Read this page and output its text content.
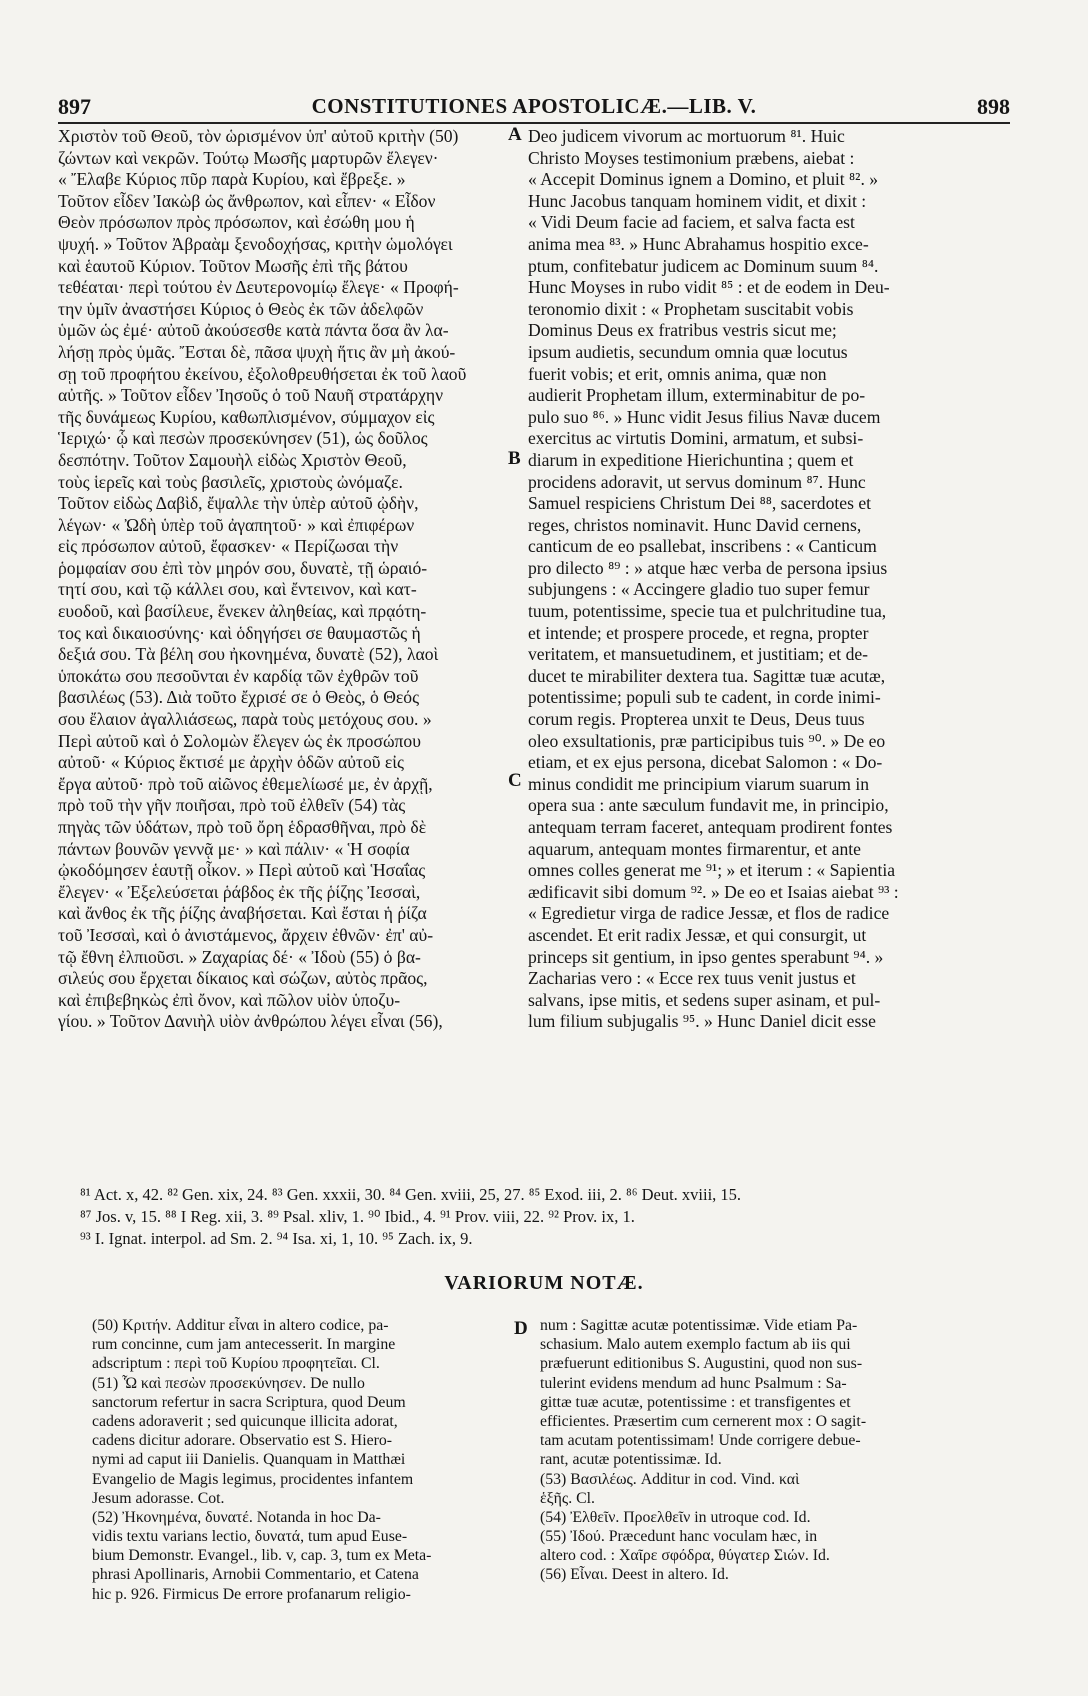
897	CONSTITUTIONES APOSTOLICÆ.—LIB. V.	898
Χριστὸν τοῦ Θεοῦ, τὸν ὡρισμένον ὑπ' αὐτοῦ κριτὴν (50)
ζώντων καὶ νεκρῶν. Τούτῳ Μωσῆς μαρτυρῶν ἔλεγεν·
« Ἔλαβε Κύριος πῦρ παρὰ Κυρίου, καὶ ἔβρεξε. »
Τοῦτον εἶδεν Ἰακὼβ ὡς ἄνθρωπον, καὶ εἶπεν· « Εἶδον
Θεὸν πρόσωπον πρὸς πρόσωπον, καὶ ἐσώθη μου ἡ
ψυχή. » Τοῦτον Ἀβραὰμ ξενοδοχήσας, κριτὴν ὡμολόγει
καὶ ἑαυτοῦ Κύριον. Τοῦτον Μωσῆς ἐπὶ τῆς βάτου
τεθέαται· περὶ τούτου ἐν Δευτερονομίῳ ἔλεγε· « Προφή-
την ὑμῖν ἀναστήσει Κύριος ὁ Θεὸς ἐκ τῶν ἀδελφῶν
ὑμῶν ὡς ἐμέ· αὐτοῦ ἀκούσεσθε κατὰ πάντα ὅσα ἂν λα-
λήσῃ πρὸς ὑμᾶς. Ἔσται δὲ, πᾶσα ψυχὴ ἥτις ἂν μὴ ἀκού-
σῃ τοῦ προφήτου ἐκείνου, ἐξολοθρευθήσεται ἐκ τοῦ λαοῦ
αὐτῆς. » Τοῦτον εἶδεν Ἰησοῦς ὁ τοῦ Ναυῆ στρατάρχην
τῆς δυνάμεως Κυρίου, καθωπλισμένον, σύμμαχον εἰς
Ἱεριχώ· ᾧ καὶ πεσὼν προσεκύνησεν (51), ὡς δοῦλος
δεσπότην. Τοῦτον Σαμουὴλ εἰδὼς Χριστὸν Θεοῦ,
τοὺς ἱερεῖς καὶ τοὺς βασιλεῖς, χριστοὺς ὠνόμαζε.
Τοῦτον εἰδὼς Δαβὶδ, ἔψαλλε τὴν ὑπὲρ αὐτοῦ ᾠδὴν,
λέγων· « Ὠδὴ ὑπὲρ τοῦ ἀγαπητοῦ· » καὶ ἐπιφέρων
εἰς πρόσωπον αὐτοῦ, ἔφασκεν· « Περίζωσαι τὴν
ῥομφαίαν σου ἐπὶ τὸν μηρόν σου, δυνατὲ, τῇ ὡραιό-
τητί σου, καὶ τῷ κάλλει σου, καὶ ἔντεινον, καὶ κατ-
ευοδοῦ, καὶ βασίλευε, ἕνεκεν ἀληθείας, καὶ πρᾳότη-
τος καὶ δικαιοσύνης· καὶ ὁδηγήσει σε θαυμαστῶς ἡ
δεξιά σου. Τὰ βέλη σου ἠκονημένα, δυνατὲ (52), λαοὶ
ὑποκάτω σου πεσοῦνται ἐν καρδίᾳ τῶν ἐχθρῶν τοῦ
βασιλέως (53). Διὰ τοῦτο ἔχρισέ σε ὁ Θεὸς, ὁ Θεός
σου ἔλαιον ἀγαλλιάσεως, παρὰ τοὺς μετόχους σου. »
Περὶ αὐτοῦ καὶ ὁ Σολομὼν ἔλεγεν ὡς ἐκ προσώπου
αὐτοῦ· « Κύριος ἔκτισέ με ἀρχὴν ὁδῶν αὐτοῦ εἰς
ἔργα αὐτοῦ· πρὸ τοῦ αἰῶνος ἐθεμελίωσέ με, ἐν ἀρχῇ,
πρὸ τοῦ τὴν γῆν ποιῆσαι, πρὸ τοῦ ἐλθεῖν (54) τὰς
πηγὰς τῶν ὑδάτων, πρὸ τοῦ ὄρη ἑδρασθῆναι, πρὸ δὲ
πάντων βουνῶν γεννᾷ με· » καὶ πάλιν· « Ἡ σοφία
ᾠκοδόμησεν ἑαυτῇ οἶκον. » Περὶ αὐτοῦ καὶ Ἡσαΐας
ἔλεγεν· « Ἐξελεύσεται ῥάβδος ἐκ τῆς ῥίζης Ἰεσσαὶ,
καὶ ἄνθος ἐκ τῆς ῥίζης ἀναβήσεται. Καὶ ἔσται ἡ ῥίζα
τοῦ Ἰεσσαὶ, καὶ ὁ ἀνιστάμενος, ἄρχειν ἐθνῶν· ἐπ' αὐ-
τῷ ἔθνη ἐλπιοῦσι. » Ζαχαρίας δέ· « Ἰδοὺ (55) ὁ βα-
σιλεύς σου ἔρχεται δίκαιος καὶ σώζων, αὐτὸς πρᾶος,
καὶ ἐπιβεβηκὼς ἐπὶ ὄνον, καὶ πῶλον υἱὸν ὑποζυ-
γίου. » Τοῦτον Δανιὴλ υἱὸν ἀνθρώπου λέγει εἶναι (56),
Deo judicem vivorum ac mortuorum ⁸¹. Huic
Christo Moyses testimonium præbens, aiebat :
« Accepit Dominus ignem a Domino, et pluit ⁸². »
Hunc Jacobus tanquam hominem vidit, et dixit :
« Vidi Deum facie ad faciem, et salva facta est
anima mea ⁸³. » Hunc Abrahamus hospitio exce-
ptum, confitebatur judicem ac Dominum suum ⁸⁴.
Hunc Moyses in rubo vidit ⁸⁵ : et de eodem in Deu-
teronomio dixit : « Prophetam suscitabit vobis
Dominus Deus ex fratribus vestris sicut me;
ipsum audietis, secundum omnia quæ locutus
fuerit vobis; et erit, omnis anima, quæ non
audierit Prophetam illum, exterminabitur de po-
pulo suo ⁸⁶. » Hunc vidit Jesus filius Navæ ducem
exercitus ac virtutis Domini, armatum, et subsi-
diarum in expeditione Hierichuntina ; quem et
procidens adoravit, ut servus dominum ⁸⁷. Hunc
Samuel respiciens Christum Dei ⁸⁸, sacerdotes et
reges, christos nominavit. Hunc David cernens,
canticum de eo psallebat, inscribens : « Canticum
pro dilecto ⁸⁹ : » atque hæc verba de persona ipsius
subjungens : « Accingere gladio tuo super femur
tuum, potentissime, specie tua et pulchritudine tua,
et intende; et prospere procede, et regna, propter
veritatem, et mansuetudinem, et justitiam; et de-
ducet te mirabiliter dextera tua. Sagittæ tuæ acutæ,
potentissime; populi sub te cadent, in corde inimi-
corum regis. Propterea unxit te Deus, Deus tuus
oleo exsultationis, præ participibus tuis ⁹⁰. » De eo
etiam, et ex ejus persona, dicebat Salomon : « Do-
minus condidit me principium viarum suarum in
opera sua : ante sæculum fundavit me, in principio,
antequam terram faceret, antequam prodirent fontes
aquarum, antequam montes firmarentur, et ante
omnes colles generat me ⁹¹; » et iterum : « Sapientia
ædificavit sibi domum ⁹². » De eo et Isaias aiebat ⁹³ :
« Egredietur virga de radice Jessæ, et flos de radice
ascendet. Et erit radix Jessæ, et qui consurgit, ut
princeps sit gentium, in ipso gentes sperabunt ⁹⁴. »
Zacharias vero : « Ecce rex tuus venit justus et
salvans, ipse mitis, et sedens super asinam, et pul-
lum filium subjugalis ⁹⁵. » Hunc Daniel dicit esse
A
B
C
D
⁸¹ Act. x, 42. ⁸² Gen. xix, 24. ⁸³ Gen. xxxii, 30. ⁸⁴ Gen. xviii, 25, 27. ⁸⁵ Exod. iii, 2. ⁸⁶ Deut. xviii, 15.
⁸⁷ Jos. v, 15. ⁸⁸ I Reg. xii, 3. ⁸⁹ Psal. xliv, 1. ⁹⁰ Ibid., 4. ⁹¹ Prov. viii, 22. ⁹² Prov. ix, 1.
⁹³ I. Ignat. interpol. ad Sm. 2. ⁹⁴ Isa. xi, 1, 10. ⁹⁵ Zach. ix, 9.
VARIORUM NOTÆ.
(50) Κριτήν. Additur εἶναι in altero codice, pa-
rum concinne, cum jam antecesserit. In margine
adscriptum : περὶ τοῦ Κυρίου προφητεῖαι. Cl.
(51) Ὧ καὶ πεσὼν προσεκύνησεν. De nullo
sanctorum refertur in sacra Scriptura, quod Deum
cadens adoraverit ; sed quicunque illicita adorat,
cadens dicitur adorare. Observatio est S. Hiero-
nymi ad caput iii Danielis. Quanquam in Matthæi
Evangelio de Magis legimus, procidentes infantem
Jesum adorasse. Cot.
(52) Ἠκονημένα, δυνατέ. Notanda in hoc Da-
vidis textu varians lectio, δυνατά, tum apud Euse-
bium Demonstr. Evangel., lib. v, cap. 3, tum ex Meta-
phrasi Apollinaris, Arnobii Commentario, et Catena
hic p. 926. Firmicus De errore profanarum religio-
num : Sagittæ acutæ potentissimæ. Vide etiam Pa-
schasium. Malo autem exemplo factum ab iis qui
præfuerunt editionibus S. Augustini, quod non sus-
tulerint evidens mendum ad hunc Psalmum : Sa-
gittæ tuæ acutæ, potentissime : et transfigentes et
efficientes. Præsertim cum cernerent mox : O sagit-
tam acutam potentissimam! Unde corrigere debue-
rant, acutæ potentissimæ. Id.
(53) Βασιλέως. Additur in cod. Vind. καὶ
ἑξῆς. Cl.
(54) Ἐλθεῖν. Προελθεῖν in utroque cod. Id.
(55) Ἰδού. Præcedunt hanc voculam hæc, in
altero cod. : Χαῖρε σφόδρα, θύγατερ Σιών. Id.
(56) Εἶναι. Deest in altero. Id.
